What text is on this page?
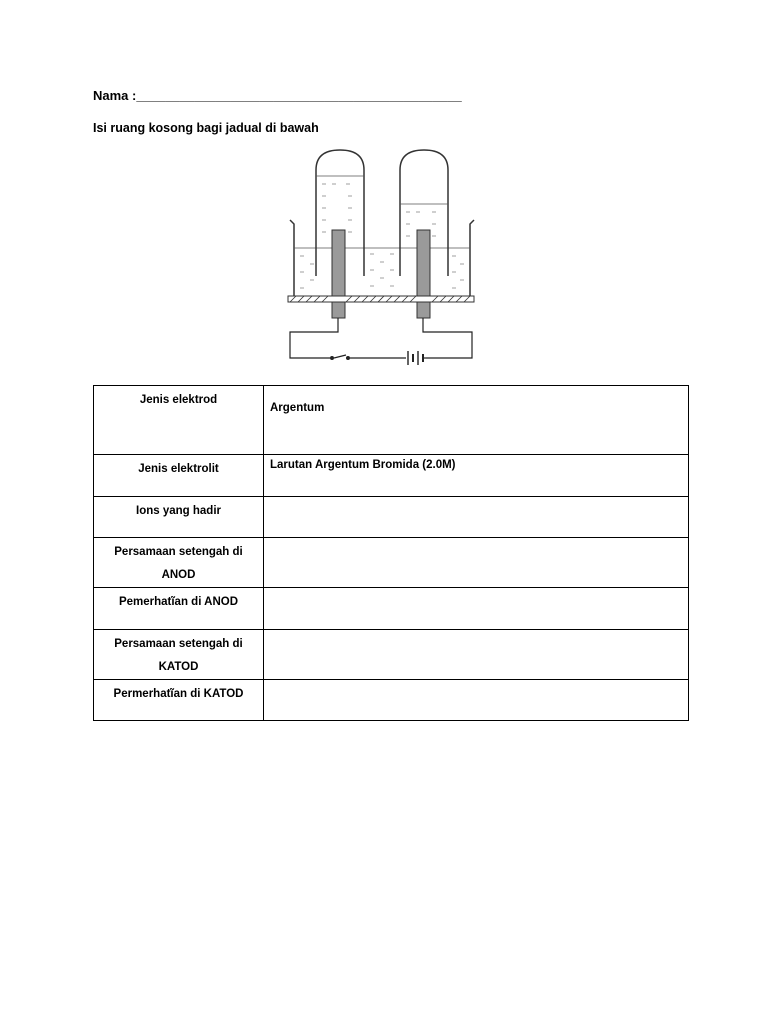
Nama :_____________________________________________
Isi ruang kosong bagi jadual di bawah
Jenis elektrod	Argentum

Jenis elektrolit	Larutan Argentum Bromida (2.0M)

Ions yang hadir	

Persamaan setengah di
ANOD	

Pemerhatĩan di ANOD	

Persamaan setengah di
KATOD	

Permerhatĩan di KATOD	
